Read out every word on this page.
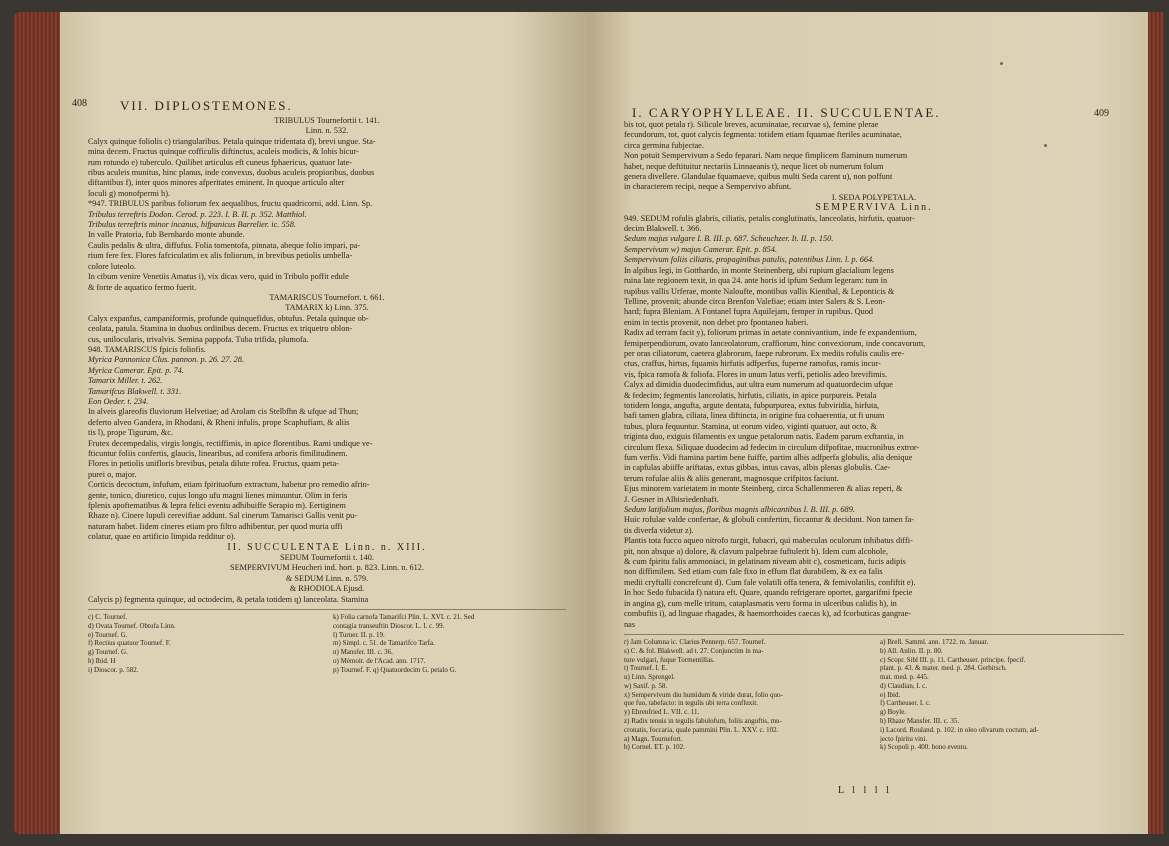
408	VII. DIPLOSTEMONES.

TRIBULUS Tournefortii t. 141.

Linn. n. 532.

Calyx quinque foliolis c) triangularibus. Petala quinque tridentata d), brevi ungue. Sta-

mina decem. Fructus quinque cofficulis diftinctus, aculeis modicis, & lobis bicur-

rum rotundo e) tuberculo. Quilibet articulus eft cuneus fphaericus, quatuor late-

ribus aculeis munitus, hinc planus, inde convexus, duobus aculeis propioribus, duobus

diftantibus f), inter quos minores afperitates eminent. In quoque articulo alter

loculi g) monofpermi h).

*947. TRIBULUS paribus foliorum fex aequalibus, fructu quadricorni, add. Linn. Sp.

Tribulus terreftris Dodon. Cerod. p. 223. I. B. II. p. 352. Matthiol.

Tribulus terreftris minor incanus, hifpanicus Barrelier. ic. 558.

In valle Pratoria, fub Bernhardo monte abunde.

Caulis pedalis & ultra, diffufus. Folia tomentofa, pinnata, abeque folio impari, pa-

rium fere fex. Flores fafciculatim ex alis foliorum, in brevibus petiolis umbella-

colore luteolo.

In cibum venire Venetiis Amatus i), vix dicas vero, quid in Tribulo poffit edule

& forte de aquatico fermo fuerit.

TAMARISCUS Tournefort. t. 661.

TAMARIX k) Linn. 375.

Calyx expanfus, campaniformis, profunde quinquefidus, obtufus. Petala quinque ob-

ceolata, patula. Stamina in duobus ordinibus decem. Fructus ex triquetro oblon-

cus, unilocularis, trivalvis. Semina pappofa. Tuba trifida, plumofa.

948. TAMARISCUS fpicis foliofis.

Myrica Pannonica Clus. pannon. p. 26. 27. 28.

Myrica Camerar. Epit. p. 74.

Tamarix Miller. t. 262.

Tamarifcus Blakwell. t. 331.

Eon Oeder. t. 234.

In alveis glareofis fluviorum Helvetiae; ad Arolam cis Stelbfhn & ufque ad Thun;

deferto alveo Gandera, in Rhodani, & Rheni infulis, prope Scaphufiam, & aliis

tis l), prope Tigurum, &c.

Frutex decempedalis, virgis longis, rectiffimis, in apice florentibus. Rami undique ve-

fticuntur foliis confertis, glaucis, linearibus, ad conifera arboris fimilitudinem.

Flores in petiolis unifloris brevibus, petala dilute rofea. Fructus, quam peta-

purei o, major.

Corticis decoctum, infufum, etiam fpirituofum extractum, habetur pro remedio afrin-

gente, tonico, diuretico, cujus longo ufu magni lienes minuuntur. Olim in feris

fplenis apoftematibus & lepra felici eventu adhibuiffe Serapio m). Eertiginem

Rhaze n). Cinere lupuli cerevifiae addunt. Sal cinerum Tamarisci Gallis venit pu-

naturam habet. Iidem cineres etiam pro filtro adhibentur, per quod muria uffi

colatur, quae eo artificio limpida redditur o).

II. SUCCULENTAE Linn. n. XIII.

SEDUM Tournefortii t. 140.

SEMPERVIVUM Heucheri ind. hort. p. 823. Linn. n. 612.

& SEDUM Linn. n. 579.

& RHODIOLA Ejusd.

Calycis p) fegmenta quinque, ad octodecim, & petala totidem q) lanceolata. Stamina

c) C. Tournef.
d) Ovata Tournef. Obtufa Linn.
e) Tournef. G.
f) Rectius quatuor Tournef. F.
g) Tournef. G.
h) Ibid. H
i) Dioscor. p. 582.
k) Folia carnofa Tamarifci Plin. L. XVI. c. 21. Sed
contagia transeuftin Dioscor. L. I. c. 99.
l) Turner. II. p. 19.
m) Simpl. c. 51. de Tamarifco Tarfa.
n) Mansfer. III. c. 36.
o) Mémoir. de l'Acad. ann. 1717.
p) Tournef. F. q) Quatuordecim G. petalo G.
I. CARYOPHYLLEAE. II. SUCCULENTAE.	409

bis tot, quot petala r). Silicule breves, acuminatae, recurvae s), femine plerae

fecundorum, tot, quot calycis fegmenta: totidem etiam fquamae fteriles acuminatae,

circa germina fubjectae.

Non potuit Sempervivum a Sedo feparari. Nam neque fimplicem flaminum numerum

habet, neque deftituitur nectariis Linnaeanis t), neque licet ob numerum folum

genera divellere. Glandulae fquamaeve, quibus multi Seda carent u), non poffunt

in characterem recipi, neque a Sempervivo abfunt.

I. SEDA POLYPETALA.

SEMPERVIVA Linn.

949. SEDUM rofulis glabris, ciliatis, petalis conglutinatis, lanceolatis, hirfutis, quatuor-

decim Blakwell. t. 366.

Sedum majus vulgare I. B. III. p. 687. Scheuchzer. It. II. p. 150.

Sempervivum w) majus Camerar. Epit. p. 854.

Sempervivum foliis ciliatis, propaginibus patulis, patentibus Linn. l. p. 664.

In alpibus legi, in Gotthardo, in monte Steinenberg, ubi rupium glacialium legens

ruina late regionem texit, in qua 24. ante horis id ipfum Sedum legeram: tum in

rupibus vallis Urferae, monte Naloufte, montibus vallis Kienthal, & Leponticis &

Telline, provenit; abunde circa Brenfon Valefiae; etiam inter Salers & S. Leon-

hard; fupra Bleniam. A Fontanel fupra Aquilejam, femper in rupibus. Quod

enim in tectis provenit, non debet pro fpontaneo haberi.

Radix ad terram facit y), foliorum primas in aetate connivantium, inde fe expandentium,

femiperpendiorum, ovato lanceolatorum, craffiorum, hinc convexiorum, inde concavorum,

per oras ciliatorum, caetera glabrorum, faepe rubrorum. Ex mediis rofulis caulis ere-

ctus, craffus, hirtus, fquamis hirfutis adfperfus, fuperne ramofus, ramis incur-

vis, fpica ramofa & foliofa. Flores in unum latus verfi, petiolis adeo brevifimis.

Calyx ad dimidia duodecimfidus, aut ultra eum numerum ad quatuordecim ufque

& fedecim; fegmentis lanceolatis, hirfutis, ciliatis, in apice purpureis. Petala

totidem longa, angufta, argute dentata, fubpurpurea, extus fubviridia, hirfuta,

bafi tamen glabra, ciliata, linea diftincta, in origine fua cohaerentia, ut fi unum

tubus, plura fequuntur. Stamina, ut eorum video, viginti quatuor, aut octo, &

triginta duo, exiguis filamentis ex ungue petalorum natis. Eadem parum exftantia, in

circulum flexa. Siliquae duodecim ad fedecim in circulum difpofitae, mucronibus extror-

fum verfis. Vidi ftamina partim bene fuiffe, partim albis adfperfa globulis, alia denique

in capfulas abiiffe ariftatas, extus gibbas, intus cavas, albis plenas globulis. Cae-

terum rofulae aliis & aliis generant, magnosque crifpitos faciunt.

Ejus minorem varietatem in monte Steinberg, circa Schallenmeren & alias reperi, &

J. Gesner in Albisriedenhaft.

Sedum latifolium majus, floribus magnis albicantibus I. B. III. p. 689.

Huic rofulae valde confertae, & globuli confertim, ficcantur & decidunt. Non tamen fa-

tis diverfa videtur z).

Plantis tota fucco aqueo nitrofo turgit, fubacri, qui mabeculas oculorum inhibatus diffi-

pit, non absque a) dolore, & clavum palpebrae fuftulerit b). Idem cum alcohole,

& cum fpiritu falis ammoniaci, in gelatinam niveam abit c), cosmeticam, fucis adipis

non diffimilem. Sed etiam cum fale fixo in effum flat durabilem, & ex ea falis

medii cryftalli concrefcunt d). Cum fale volatili offa tenera, & femivolatilis, confiftit e).

In hoc Sedo fubacida f) natura eft. Quare, quando refrigerare oportet, gargarifmi fpecie

in angina g), cum melle tritum, cataplasmatis vero forma in ulceribus calidis h), in

combuftis i), ad linguae rhagades, & haemorrhoides caecas k), ad fcorbuticas gangrae-

nas

r) Jam Columna ic. Clarius Pennerp. 657. Tournef.
s) C. & fol. Blakwell. ad t. 27. Conjunctim in ma-
ture vulgari, fuque Tormentillas.
t) Tournef. I. E.
u) Linn. Sprengel.
w) Saxif. p. 58.
x) Sempervivum diu humidum & viride durat, folio quo-
que fuo, tabefacto: in tegulis ubi terra confluxit.
y) Ehrenfried L. VII. c. 11.
z) Radix tenuis in tegulis fabulofum, foliis anguftis, mu-
cronatis, foccaria, quale pammini Plin. L. XXV. c. 102.
a) Magn. Tournefort.
b) Cornel. ET. p. 102.
a) Brefl. Samml. ann. 1722. m. Januar.
b) All. Anlin. II. p. 80.
c) Scopr. Sibl III. p. 11. Cartheuser. principe. fpecif.
plant. p. 43. & mater. med. p. 284. Gerbitsch.
mat. med. p. 445.
d) Claudian, I. c.
e) Ibid.
f) Cartheuser. I. c.
g) Boyle.
h) Rhaze Mansfer. III. c. 35.
i) Lacord. Rouland. p. 102. in oleo olivarum coctum, ad-
jecto fpiritu vini.
k) Scopoli p. 400. bono eventu.
L l l l l
